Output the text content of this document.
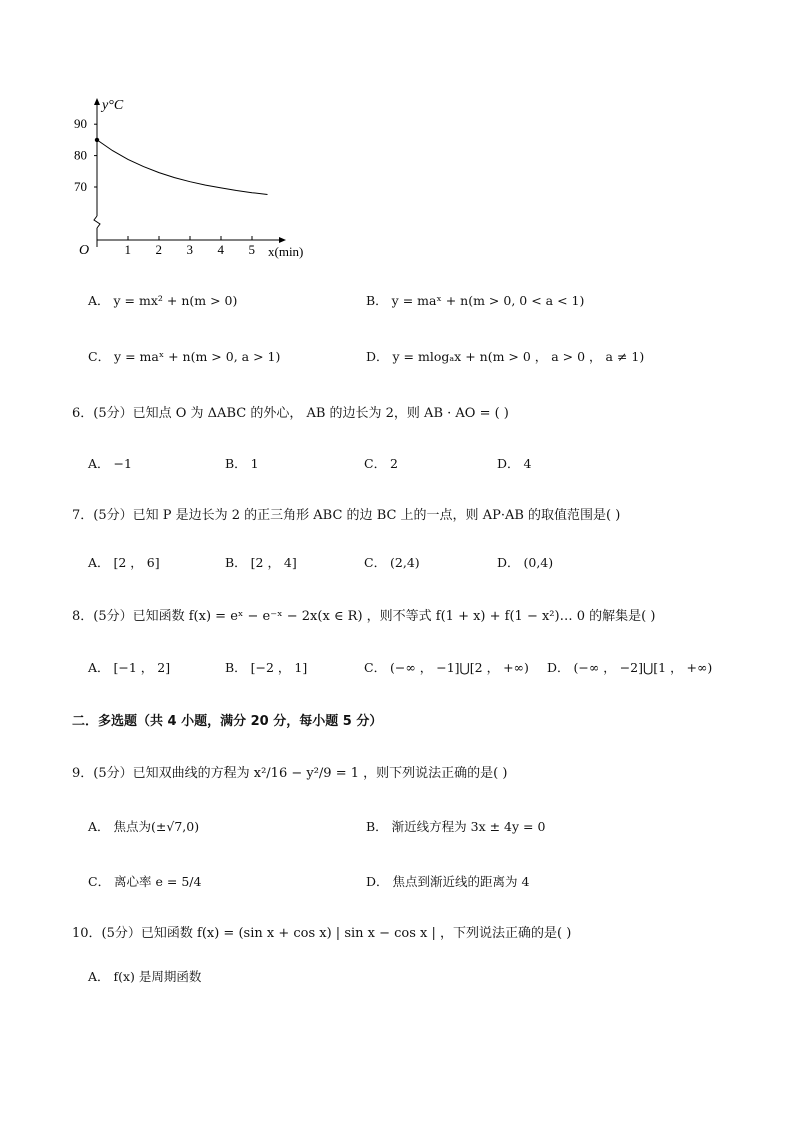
y°C
x(min)
O
90
80
70
1 2 3 4 5
A． y = mx² + n(m > 0)	B． y = maˣ + n(m > 0, 0 < a < 1)
C． y = maˣ + n(m > 0, a > 1)	D． y = mlogₐx + n(m > 0 ， a > 0 ， a ≠ 1)
6．(5分）已知点 O 为 ΔABC 的外心， AB 的边长为 2，则 AB · AO = ( )
A． −1	B． 1	C． 2	D． 4
7．(5分）已知 P 是边长为 2 的正三角形 ABC 的边 BC 上的一点，则 AP·AB 的取值范围是( )
A． [2 ， 6]	B． [2 ， 4]	C． (2,4)	D． (0,4)
8．(5分）已知函数 f(x) = eˣ − e⁻ˣ − 2x(x ∈ R) ，则不等式 f(1 + x) + f(1 − x²)… 0 的解集是( )
A． [−1 ， 2]	B． [−2 ， 1]	C． (−∞ ， −1]⋃[2 ， +∞) D． (−∞ ， −2]⋃[1 ， +∞)
二．多选题（共 4 小题，满分 20 分，每小题 5 分）
9．(5分）已知双曲线的方程为 x²/16 − y²/9 = 1 ，则下列说法正确的是( )
A． 焦点为(±√7,0)	B． 渐近线方程为 3x ± 4y = 0
C． 离心率 e = 5/4	D． 焦点到渐近线的距离为 4
10．(5分）已知函数 f(x) = (sin x + cos x) | sin x − cos x | ，下列说法正确的是( )
A． f(x) 是周期函数
